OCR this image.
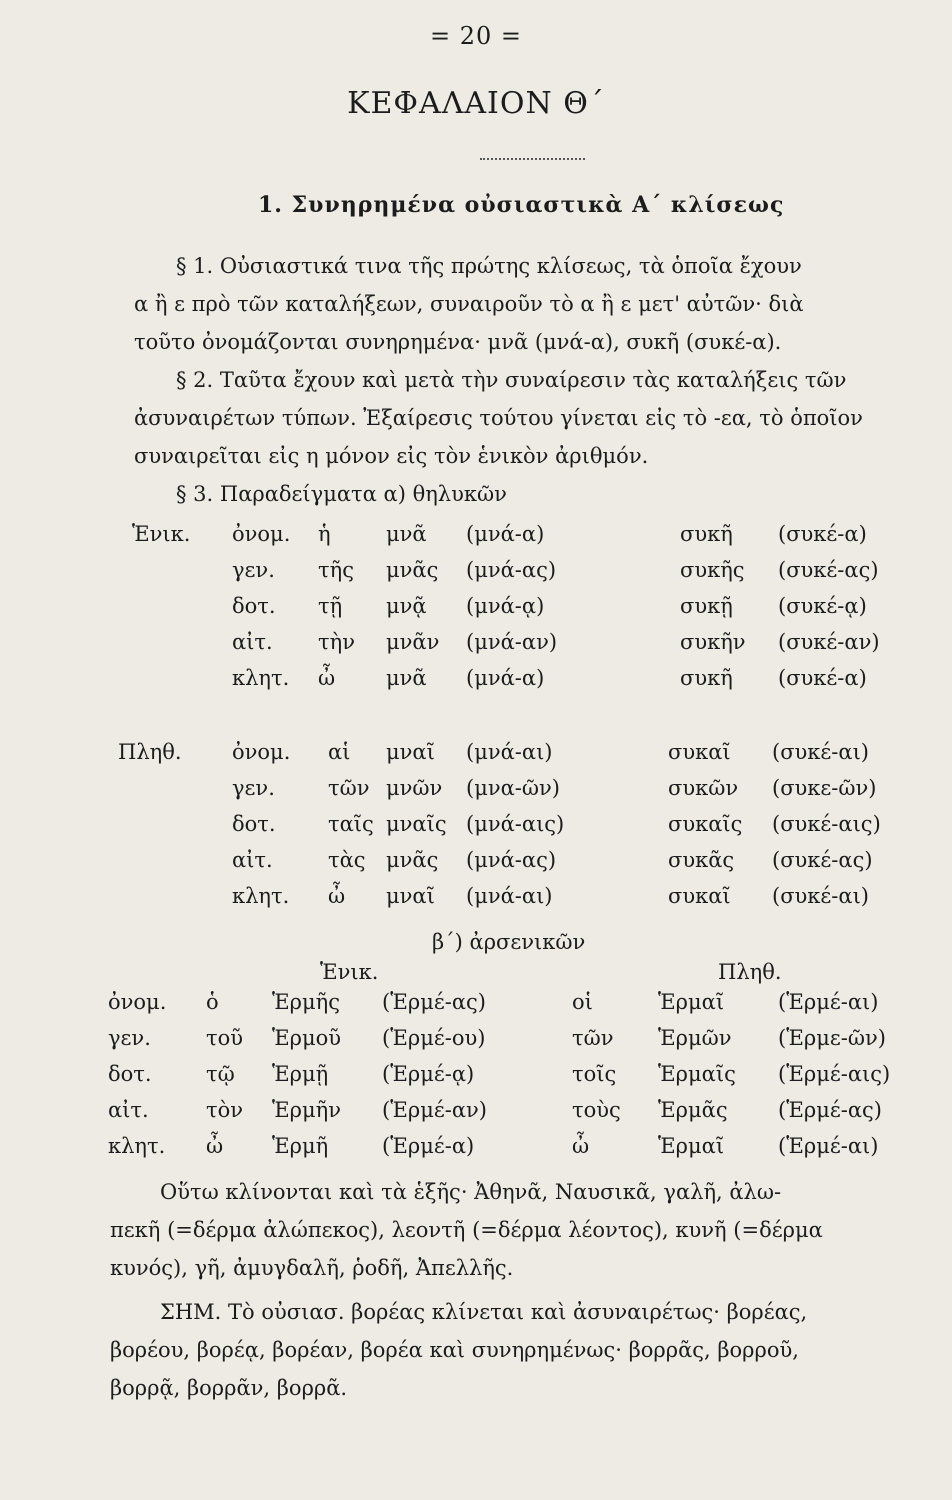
= 20 =
ΚΕΦΑΛΑΙΟΝ Θ΄
1. Συνηρημένα οὐσιαστικὰ Α΄ κλίσεως
§ 1. Οὐσιαστικά τινα τῆς πρώτης κλίσεως, τὰ ὁποῖα ἔχουν
α ἢ ε πρὸ τῶν καταλήξεων, συναιροῦν τὸ α ἢ ε μετ' αὐτῶν· διὰ
τοῦτο ὀνομάζονται συνηρημένα· μνᾶ (μνά-α), συκῆ (συκέ-α).
§ 2. Ταῦτα ἔχουν καὶ μετὰ τὴν συναίρεσιν τὰς καταλήξεις τῶν
ἀσυναιρέτων τύπων. Ἐξαίρεσις τούτου γίνεται εἰς τὸ -εα, τὸ ὁποῖον
συναιρεῖται εἰς η μόνον εἰς τὸν ἑνικὸν ἀριθμόν.
§ 3. Παραδείγματα α) θηλυκῶν
Ἑνικ. ὀνομ. ἡ	μνᾶ (μνά-α)	συκῆ (συκέ-α)
γεν. τῆς μνᾶς (μνά-ας)	συκῆς (συκέ-ας)
δοτ. τῇ μνᾷ (μνά-ᾳ)	συκῇ (συκέ-ᾳ)
αἰτ. τὴν μνᾶν (μνά-αν)	συκῆν (συκέ-αν)
κλητ. ὦ μνᾶ (μνά-α)	συκῆ (συκέ-α)
Πληθ. ὀνομ. αἱ μναῖ (μνά-αι)	συκαῖ (συκέ-αι)
γεν.	τῶν μνῶν (μνα-ῶν)	συκῶν (συκε-ῶν)
δοτ. ταῖς μναῖς (μνά-αις)	συκαῖς (συκέ-αις)
αἰτ.	τὰς μνᾶς (μνά-ας)	συκᾶς (συκέ-ας)
κλητ. ὦ μναῖ (μνά-αι)	συκαῖ (συκέ-αι)
β΄) ἀρσενικῶν
Ἑνικ.	Πληθ.
ὀνομ. ὁ	Ἑρμῆς (Ἑρμέ-ας)	οἱ	Ἑρμαῖ	(Ἑρμέ-αι)
γεν.	τοῦ Ἑρμοῦ (Ἑρμέ-ου)	τῶν Ἑρμῶν (Ἑρμε-ῶν)
δοτ.	τῷ Ἑρμῇ	(Ἑρμέ-ᾳ)	τοῖς Ἑρμαῖς (Ἑρμέ-αις)
αἰτ.	τὸν Ἑρμῆν (Ἑρμέ-αν)	τοὺς Ἑρμᾶς (Ἑρμέ-ας)
κλητ. ὦ Ἑρμῆ	(Ἑρμέ-α)	ὦ	Ἑρμαῖ	(Ἑρμέ-αι)
Οὕτω κλίνονται καὶ τὰ ἑξῆς· Ἀθηνᾶ, Ναυσικᾶ, γαλῆ, ἀλω-
πεκῆ (=δέρμα ἀλώπεκος), λεοντῆ (=δέρμα λέοντος), κυνῆ (=δέρμα
κυνός), γῆ, ἀμυγδαλῆ, ῥοδῆ, Ἀπελλῆς.
ΣΗΜ. Τὸ οὐσιασ. βορέας κλίνεται καὶ ἀσυναιρέτως· βορέας,
βορέου, βορέᾳ, βορέαν, βορέα καὶ συνηρημένως· βορρᾶς, βορροῦ,
βορρᾷ, βορρᾶν, βορρᾶ.
